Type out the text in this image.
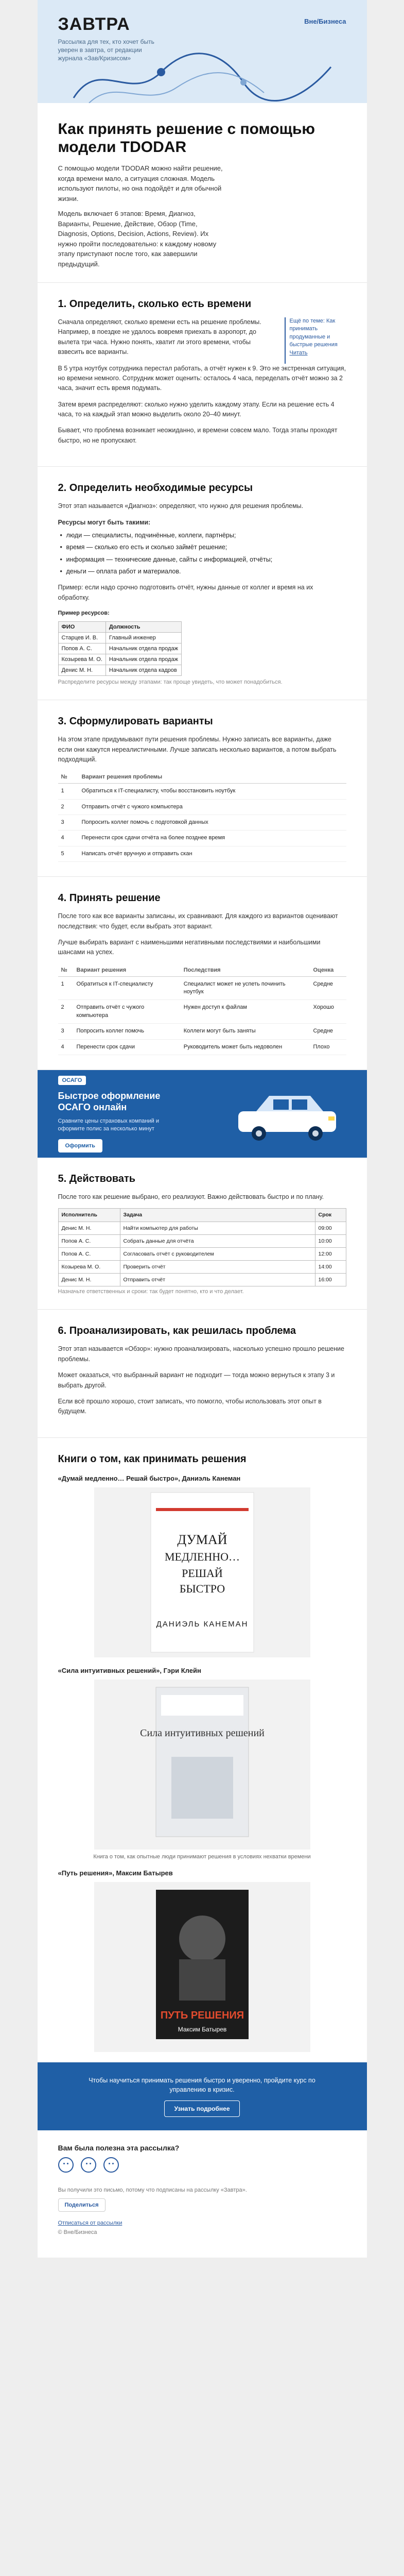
ЗАВТРА
Рассылка для тех, кто хочет быть уверен в завтра, от редакции журнала «Зав/Кризисом»
Вне/Бизнеса
Как принять решение с помощью модели TDODAR

С помощью модели TDODAR можно найти решение, когда времени мало, а ситуация сложная. Модель используют пилоты, но она подойдёт и для обычной жизни.

Модель включает 6 этапов: Время, Диагноз, Варианты, Решение, Действие, Обзор (Time, Diagnosis, Options, Decision, Actions, Review). Их нужно пройти последовательно: к каждому новому этапу приступают после того, как завершили предыдущий.

1. Определить, сколько есть времени

Сначала определяют, сколько времени есть на решение проблемы. Например, в поездке не удалось вовремя приехать в аэропорт, до вылета три часа. Нужно понять, хватит ли этого времени, чтобы взвесить все варианты.

Ещё по теме: Как принимать продуманные и быстрые решения
Читать

В 5 утра ноутбук сотрудника перестал работать, а отчёт нужен к 9. Это не экстренная ситуация, но времени немного. Сотрудник может оценить: осталось 4 часа, переделать отчёт можно за 2 часа, значит есть время подумать.

Затем время распределяют: сколько нужно уделить каждому этапу. Если на решение есть 4 часа, то на каждый этап можно выделить около 20–40 минут.

Бывает, что проблема возникает неожиданно, и времени совсем мало. Тогда этапы проходят быстро, но не пропускают.

2. Определить необходимые ресурсы

Этот этап называется «Диагноз»: определяют, что нужно для решения проблемы.

Ресурсы могут быть такими:

• люди — специалисты, подчинённые, коллеги, партнёры;
• время — сколько его есть и сколько займёт решение;
• информация — технические данные, сайты с информацией, отчёты;
• деньги — оплата работ и материалов.

Пример: если надо срочно подготовить отчёт, нужны данные от коллег и время на их обработку.

Пример ресурсов:
ФИО	Должность
Старцев И. В.	Главный инженер
Попов А. С.	Начальник отдела продаж
Козырева М. О.	Начальник отдела продаж
Денис М. Н.	Начальник отдела кадров
Распределите ресурсы между этапами: так проще увидеть, что может понадобиться.
3. Сформулировать варианты

На этом этапе придумывают пути решения проблемы. Нужно записать все варианты, даже если они кажутся нереалистичными. Лучше записать несколько вариантов, а потом выбрать подходящий.

№	Вариант решения проблемы
1	Обратиться к IT-специалисту, чтобы восстановить ноутбук
2	Отправить отчёт с чужого компьютера
3	Попросить коллег помочь с подготовкой данных
4	Перенести срок сдачи отчёта на более позднее время
5	Написать отчёт вручную и отправить скан
4. Принять решение

После того как все варианты записаны, их сравнивают. Для каждого из вариантов оценивают последствия: что будет, если выбрать этот вариант.

Лучше выбирать вариант с наименьшими негативными последствиями и наибольшими шансами на успех.

№	Вариант решения	Последствия	Оценка
1	Обратиться к IT-специалисту	Специалист может не успеть починить ноутбук	Средне
2	Отправить отчёт с чужого компьютера	Нужен доступ к файлам	Хорошо
3	Попросить коллег помочь	Коллеги могут быть заняты	Средне
4	Перенести срок сдачи	Руководитель может быть недоволен	Плохо
ОСАГО
Быстрое оформление ОСАГО онлайн
Сравните цены страховых компаний и оформите полис за несколько минут
Оформить
5. Действовать

После того как решение выбрано, его реализуют. Важно действовать быстро и по плану.

Исполнитель	Задача	Срок
Денис М. Н.	Найти компьютер для работы	09:00
Попов А. С.	Собрать данные для отчёта	10:00
Попов А. С.	Согласовать отчёт с руководителем	12:00
Козырева М. О.	Проверить отчёт	14:00
Денис М. Н.	Отправить отчёт	16:00
Назначьте ответственных и сроки: так будет понятно, кто и что делает.
6. Проанализировать, как решилась проблема

Этот этап называется «Обзор»: нужно проанализировать, насколько успешно прошло решение проблемы.

Может оказаться, что выбранный вариант не подходит — тогда можно вернуться к этапу 3 и выбрать другой.

Если всё прошло хорошо, стоит записать, что помогло, чтобы использовать этот опыт в будущем.

Книги о том, как принимать решения
«Думай медленно… Решай быстро», Даниэль Канеман
ДУМАЙ
МЕДЛЕННО…
РЕШАЙ
БЫСТРО
ДАНИЭЛЬ КАНЕМАН
«Сила интуитивных решений», Гэри Клейн
Сила интуитивных решений
Книга о том, как опытные люди принимают решения в условиях нехватки времени
«Путь решения», Максим Батырев
ПУТЬ РЕШЕНИЯ
Максим Батырев

Чтобы научиться принимать решения быстро и уверенно, пройдите курс по управлению в кризис.

Узнать подробнее
Вам была полезна эта рассылка?
Вы получили это письмо, потому что подписаны на рассылку «Завтра».
Поделиться
Отписаться от рассылки
© Вне/Бизнеса
